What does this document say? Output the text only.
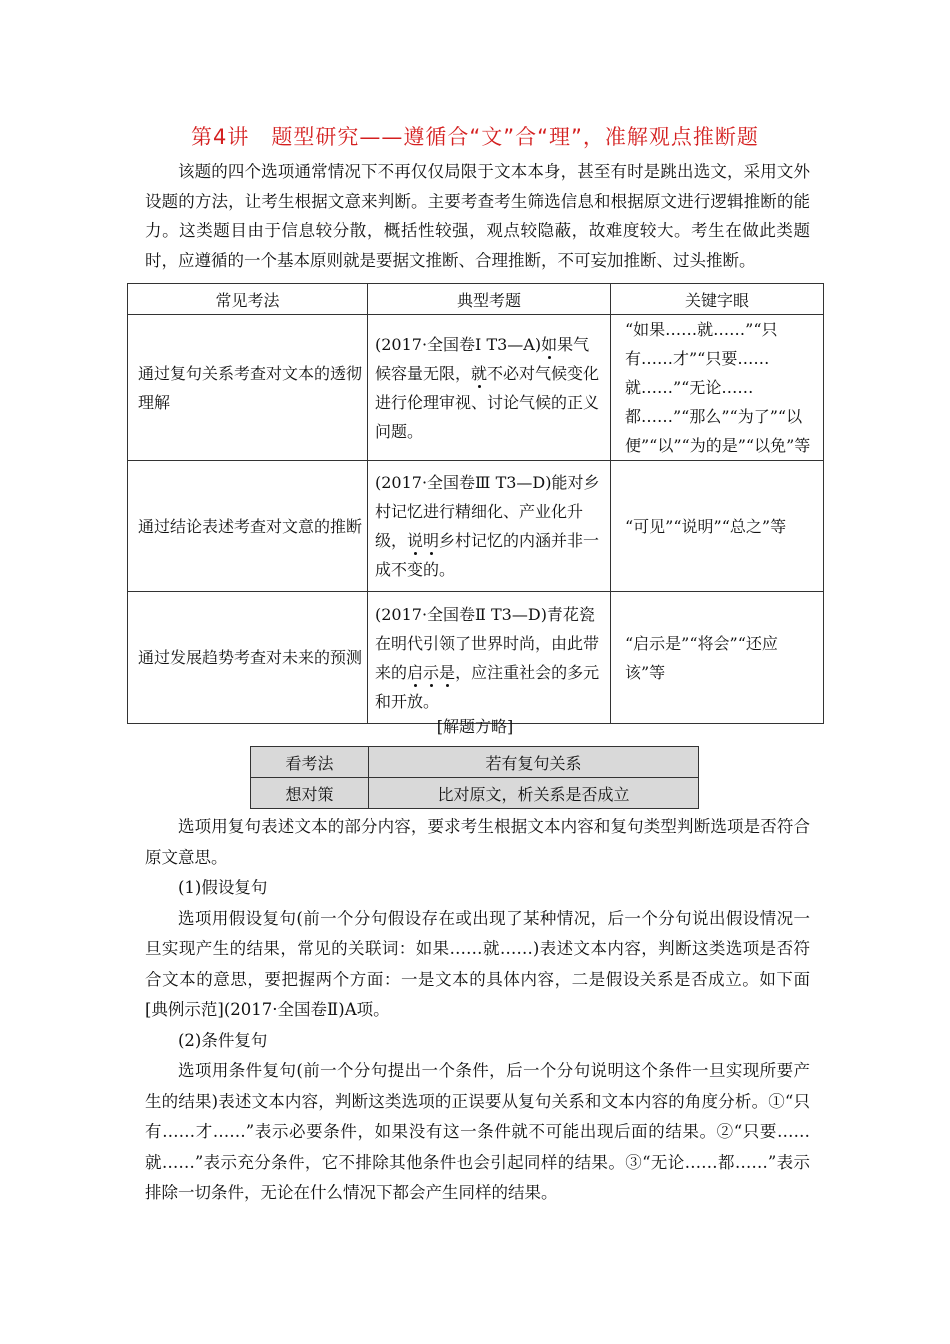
第4讲　题型研究——遵循合“文”合“理”，准解观点推断题

该题的四个选项通常情况下不再仅仅局限于文本本身，甚至有时是跳出选文，采用文外设题的方法，让考生根据文意来判断。主要考查考生筛选信息和根据原文进行逻辑推断的能力。这类题目由于信息较分散，概括性较强，观点较隐蔽，故难度较大。考生在做此类题时，应遵循的一个基本原则就是要据文推断、合理推断，不可妄加推断、过头推断。

常见考法	典型考题	关键字眼
通过复句关系考查对文本的透彻理解	(2017·全国卷Ⅰ T3—A)如果气候容量无限，就不必对气候变化进行伦理审视、讨论气候的正义问题。	“如果……就……”“只有……才”“只要……就……”“无论……都……”“那么”“为了”“以便”“以”“为的是”“以免”等
通过结论表述考查对文意的推断	(2017·全国卷Ⅲ T3—D)能对乡村记忆进行精细化、产业化升级，说明乡村记忆的内涵并非一成不变的。	“可见”“说明”“总之”等
通过发展趋势考查对未来的预测	(2017·全国卷Ⅱ T3—D)青花瓷在明代引领了世界时尚，由此带来的启示是，应注重社会的多元和开放。	“启示是”“将会”“还应该”等
[解题方略]
看考法	若有复句关系
想对策	比对原文，析关系是否成立

选项用复句表述文本的部分内容，要求考生根据文本内容和复句类型判断选项是否符合原文意思。

(1)假设复句

选项用假设复句(前一个分句假设存在或出现了某种情况，后一个分句说出假设情况一旦实现产生的结果，常见的关联词：如果……就……)表述文本内容，判断这类选项是否符合文本的意思，要把握两个方面：一是文本的具体内容，二是假设关系是否成立。如下面[典例示范](2017·全国卷Ⅱ)A项。

(2)条件复句

选项用条件复句(前一个分句提出一个条件，后一个分句说明这个条件一旦实现所要产生的结果)表述文本内容，判断这类选项的正误要从复句关系和文本内容的角度分析。①“只有……才……”表示必要条件，如果没有这一条件就不可能出现后面的结果。②“只要……就……”表示充分条件，它不排除其他条件也会引起同样的结果。③“无论……都……”表示排除一切条件，无论在什么情况下都会产生同样的结果。
